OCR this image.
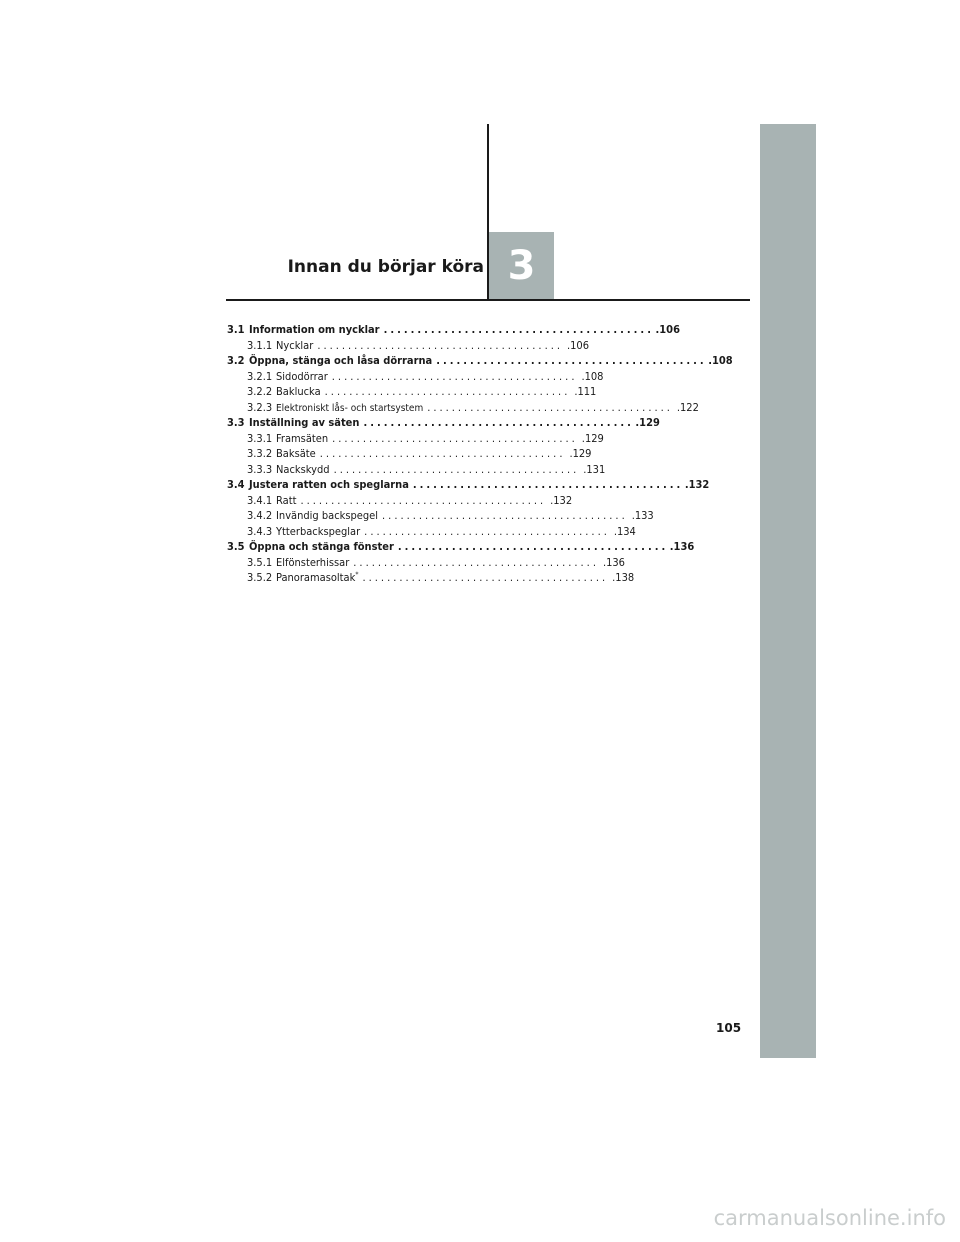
Innan du börjar köra 3
3.1 Information om nycklar ........................................ .106
3.1.1 Nycklar ........................................ .106
3.2 Öppna, stänga och låsa dörrarna ........................................ .108
3.2.1 Sidodörrar ........................................ .108
3.2.2 Baklucka ........................................ .111
3.2.3 Elektroniskt lås- och startsystem ........................................ .122
3.3 Inställning av säten ........................................ .129
3.3.1 Framsäten ........................................ .129
3.3.2 Baksäte ........................................ .129
3.3.3 Nackskydd ........................................ .131
3.4 Justera ratten och speglarna ........................................ .132
3.4.1 Ratt ........................................ .132
3.4.2 Invändig backspegel ........................................ .133
3.4.3 Ytterbackspeglar ........................................ .134
3.5 Öppna och stänga fönster ........................................ .136
3.5.1 Elfönsterhissar ........................................ .136
3.5.2 Panoramasoltak* ........................................ .138
105
carmanualsonline.info
